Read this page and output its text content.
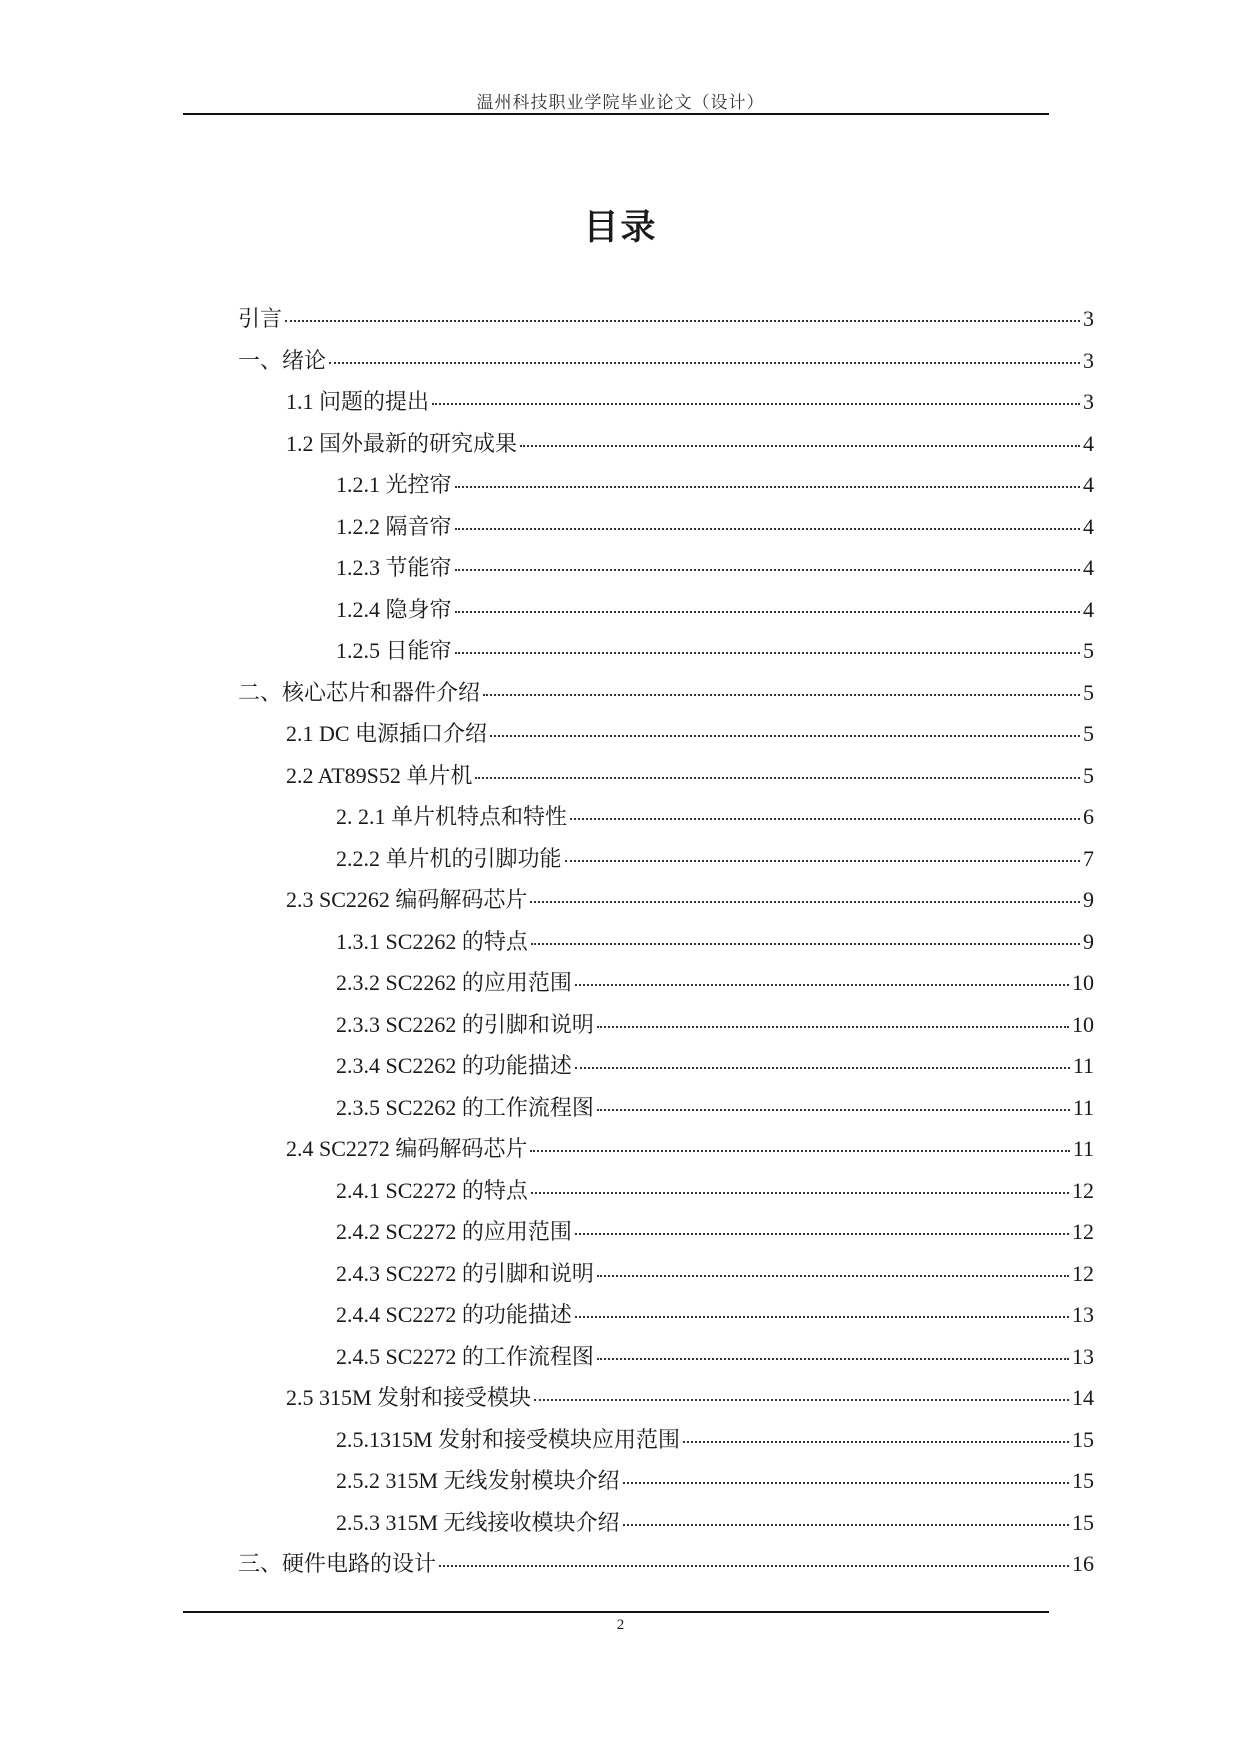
温州科技职业学院毕业论文（设计）
目录
引言	3
一、绪论	3
1.1 问题的提出	3
1.2 国外最新的研究成果	4
1.2.1 光控帘	4
1.2.2 隔音帘	4
1.2.3 节能帘	4
1.2.4 隐身帘	4
1.2.5 日能帘	5
二、核心芯片和器件介绍	5
2.1 DC 电源插口介绍	5
2.2 AT89S52 单片机	5
2. 2.1 单片机特点和特性	6
2.2.2 单片机的引脚功能	7
2.3 SC2262 编码解码芯片	9
1.3.1 SC2262 的特点	9
2.3.2 SC2262 的应用范围	10
2.3.3 SC2262 的引脚和说明	10
2.3.4 SC2262 的功能描述	11
2.3.5 SC2262 的工作流程图	11
2.4 SC2272 编码解码芯片	11
2.4.1 SC2272 的特点	12
2.4.2 SC2272 的应用范围	12
2.4.3 SC2272 的引脚和说明	12
2.4.4 SC2272 的功能描述	13
2.4.5 SC2272 的工作流程图	13
2.5 315M 发射和接受模块	14
2.5.1315M 发射和接受模块应用范围	15
2.5.2 315M 无线发射模块介绍	15
2.5.3 315M 无线接收模块介绍	15
三、硬件电路的设计	16
2
